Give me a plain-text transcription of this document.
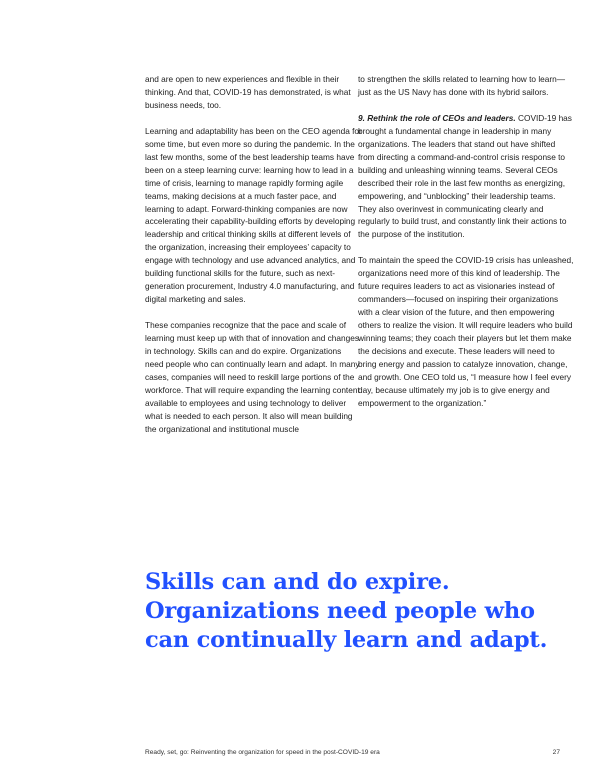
and are open to new experiences and flexible in their thinking. And that, COVID-19 has demonstrated, is what business needs, too.

Learning and adaptability has been on the CEO agenda for some time, but even more so during the pandemic. In the last few months, some of the best leadership teams have been on a steep learning curve: learning how to lead in a time of crisis, learning to manage rapidly forming agile teams, making decisions at a much faster pace, and learning to adapt. Forward-thinking companies are now accelerating their capability-building efforts by developing leadership and critical thinking skills at different levels of the organization, increasing their employees’ capacity to engage with technology and use advanced analytics, and building functional skills for the future, such as next-generation procurement, Industry 4.0 manufacturing, and digital marketing and sales.

These companies recognize that the pace and scale of learning must keep up with that of innovation and changes in technology. Skills can and do expire. Organizations need people who can continually learn and adapt. In many cases, companies will need to reskill large portions of the workforce. That will require expanding the learning content available to employees and using technology to deliver what is needed to each person. It also will mean building the organizational and institutional muscle

to strengthen the skills related to learning how to learn—just as the US Navy has done with its hybrid sailors.

9. Rethink the role of CEOs and leaders. COVID-19 has brought a fundamental change in leadership in many organizations. The leaders that stand out have shifted from directing a command-and-control crisis response to building and unleashing winning teams. Several CEOs described their role in the last few months as energizing, empowering, and “unblocking” their leadership teams. They also overinvest in communicating clearly and regularly to build trust, and constantly link their actions to the purpose of the institution.

To maintain the speed the COVID-19 crisis has unleashed, organizations need more of this kind of leadership. The future requires leaders to act as visionaries instead of commanders—focused on inspiring their organizations with a clear vision of the future, and then empowering others to realize the vision. It will require leaders who build winning teams; they coach their players but let them make the decisions and execute. These leaders will need to bring energy and passion to catalyze innovation, change, and growth. One CEO told us, “I measure how I feel every day, because ultimately my job is to give energy and empowerment to the organization.”

Skills can and do expire. Organizations need people who can continually learn and adapt.

Ready, set, go: Reinventing the organization for speed in the post-COVID-19 era	27
